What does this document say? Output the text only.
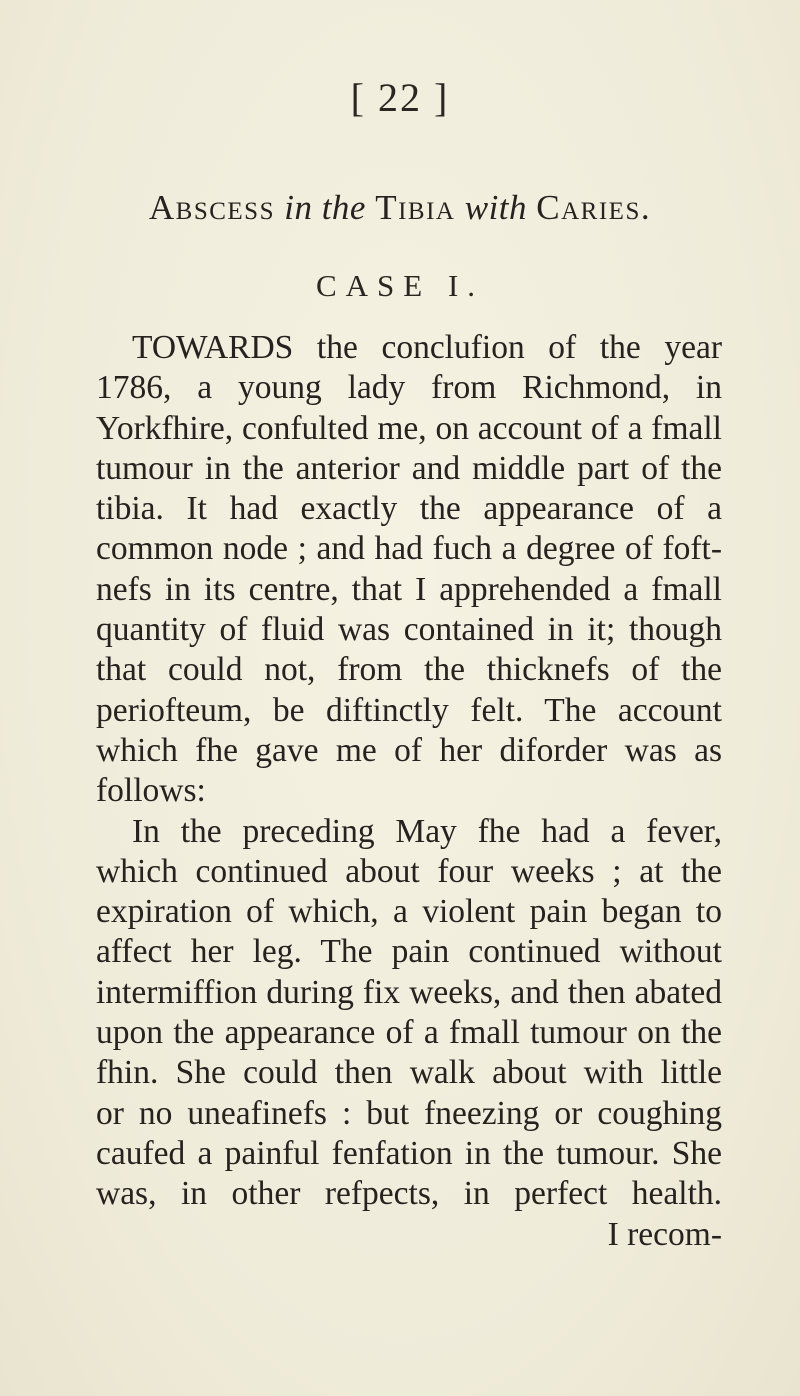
[ 22 ]
Abscess in the Tibia with Caries.
CASE I.
TOWARDS the conclufion of the year
1786, a young lady from Richmond, in
Yorkfhire, confulted me, on account of a fmall
tumour in the anterior and middle part of the
tibia. It had exactly the appearance of a
common node ; and had fuch a degree of foft-
nefs in its centre, that I apprehended a fmall
quantity of fluid was contained in it; though
that could not, from the thicknefs of the
periofteum, be diftinctly felt. The account
which fhe gave me of her diforder was as
follows:
In the preceding May fhe had a fever,
which continued about four weeks ; at the
expiration of which, a violent pain began to
affect her leg. The pain continued without
intermiffion during fix weeks, and then abated
upon the appearance of a fmall tumour on the
fhin. She could then walk about with little
or no uneafinefs : but fneezing or coughing
caufed a painful fenfation in the tumour. She
was, in other refpects, in perfect health.
I recom-
